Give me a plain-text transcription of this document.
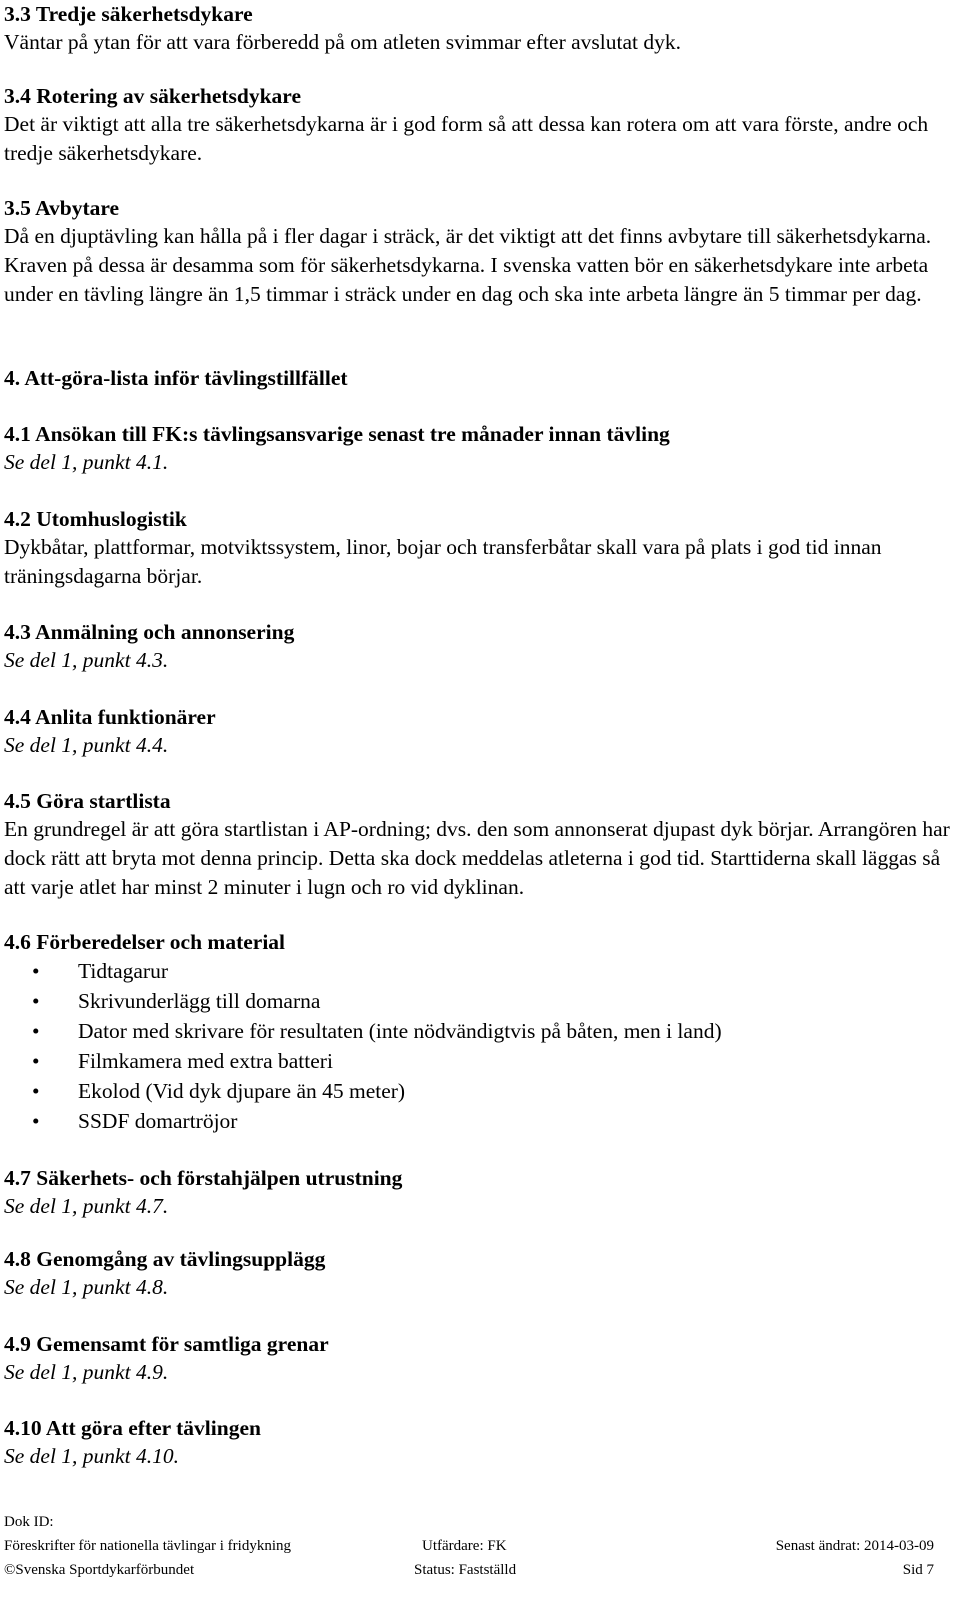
3.3 Tredje säkerhetsdykare
Väntar på ytan för att vara förberedd på om atleten svimmar efter avslutat dyk.
3.4 Rotering av säkerhetsdykare
Det är viktigt att alla tre säkerhetsdykarna är i god form så att dessa kan rotera om att vara förste, andre och tredje säkerhetsdykare.
3.5 Avbytare
Då en djuptävling kan hålla på i fler dagar i sträck, är det viktigt att det finns avbytare till säkerhetsdykarna. Kraven på dessa är desamma som för säkerhetsdykarna. I svenska vatten bör en säkerhetsdykare inte arbeta under en tävling längre än 1,5 timmar i sträck under en dag och ska inte arbeta längre än 5 timmar per dag.
4. Att-göra-lista inför tävlingstillfället
4.1 Ansökan till FK:s tävlingsansvarige senast tre månader innan tävling
Se del 1, punkt 4.1.
4.2 Utomhuslogistik
Dykbåtar, plattformar, motviktssystem, linor, bojar och transferbåtar skall vara på plats i god tid innan träningsdagarna börjar.
4.3 Anmälning och annonsering
Se del 1, punkt 4.3.
4.4 Anlita funktionärer
Se del 1, punkt 4.4.
4.5 Göra startlista
En grundregel är att göra startlistan i AP-ordning; dvs. den som annonserat djupast dyk börjar. Arrangören har dock rätt att bryta mot denna princip. Detta ska dock meddelas atleterna i god tid. Starttiderna skall läggas så att varje atlet har minst 2 minuter i lugn och ro vid dyklinan.
4.6 Förberedelser och material
• Tidtagarur
• Skrivunderlägg till domarna
• Dator med skrivare för resultaten (inte nödvändigtvis på båten, men i land)
• Filmkamera med extra batteri
• Ekolod (Vid dyk djupare än 45 meter)
• SSDF domartröjor
4.7 Säkerhets- och förstahjälpen utrustning
Se del 1, punkt 4.7.
4.8 Genomgång av tävlingsupplägg
Se del 1, punkt 4.8.
4.9 Gemensamt för samtliga grenar
Se del 1, punkt 4.9.
4.10 Att göra efter tävlingen
Se del 1, punkt 4.10.
Dok ID:
Föreskrifter för nationella tävlingar i fridykning	Utfärdare: FK	Senast ändrat: 2014-03-09
©Svenska Sportdykarförbundet	Status: Fastställd	Sid 7
